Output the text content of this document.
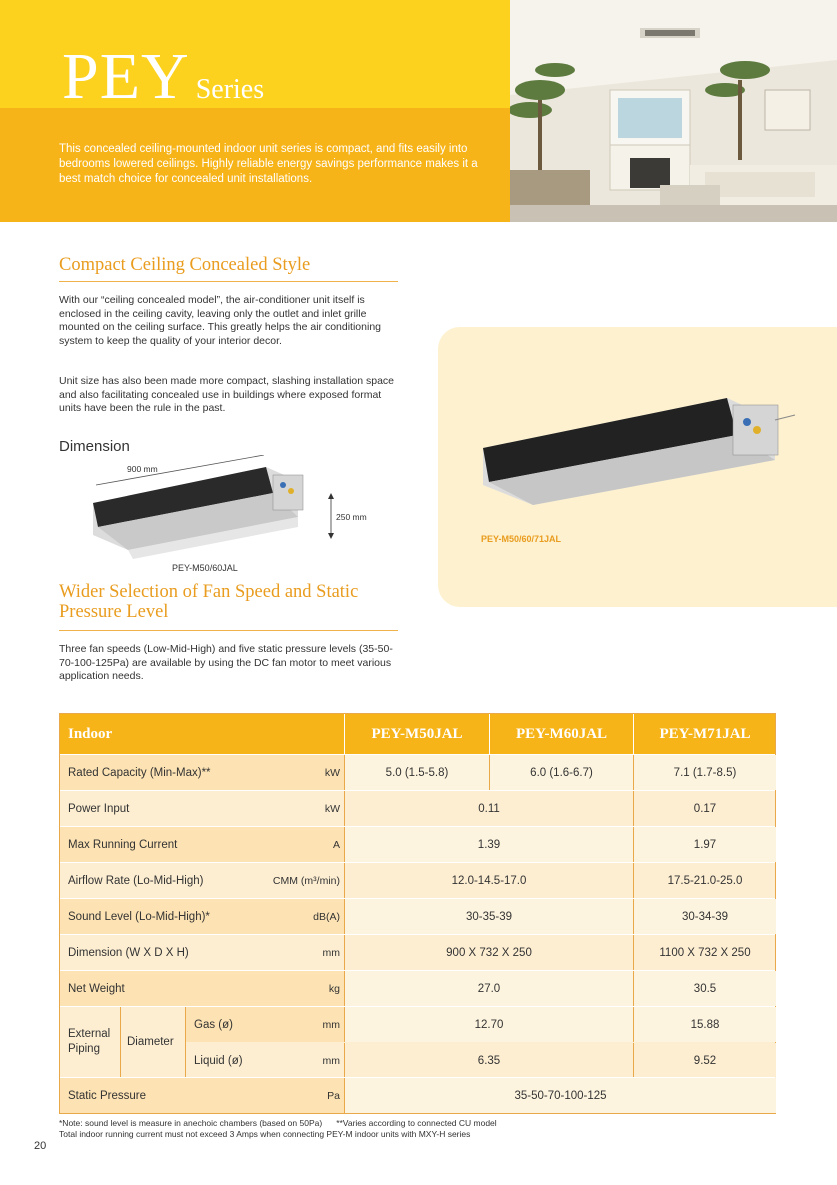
PEY Series
This concealed ceiling-mounted indoor unit series is compact, and fits easily into bedrooms lowered ceilings. Highly reliable energy savings performance makes it a best match choice for concealed unit installations.
Compact Ceiling Concealed Style
With our “ceiling concealed model”, the air-conditioner unit itself is enclosed in the ceiling cavity, leaving only the outlet and inlet grille mounted on the ceiling surface. This greatly helps the air conditioning system to keep the quality of your interior decor.
Unit size has also been made more compact, slashing installation space and also facilitating concealed use in buildings where exposed format units have been the rule in the past.
Dimension
900 mm
250 mm
PEY-M50/60JAL
PEY-M50/60/71JAL
Wider Selection of Fan Speed and Static Pressure Level
Three fan speeds (Low-Mid-High) and five static pressure levels (35-50-70-100-125Pa) are available by using the DC fan motor to meet various application needs.
Indoor	PEY-M50JAL	PEY-M60JAL	PEY-M71JAL
Rated Capacity (Min-Max)**	kW	5.0 (1.5-5.8)	6.0 (1.6-6.7)	7.1 (1.7-8.5)
Power Input	kW	0.11	0.17
Max Running Current	A	1.39	1.97
Airflow Rate (Lo-Mid-High)	CMM (m³/min)	12.0-14.5-17.0	17.5-21.0-25.0
Sound Level (Lo-Mid-High)*	dB(A)	30-35-39	30-34-39
Dimension (W X D X H)	mm	900 X 732 X 250	1100 X 732 X 250
Net Weight	kg	27.0	30.5
External
Piping
Diameter
Gas (ø)	mm	12.70	15.88
Liquid (ø)	mm	6.35	9.52
Static Pressure	Pa	35-50-70-100-125
*Note: sound level is measure in anechoic chambers (based on 50Pa) **Varies according to connected CU model
Total indoor running current must not exceed 3 Amps when connecting PEY-M indoor units with MXY-H series
20
